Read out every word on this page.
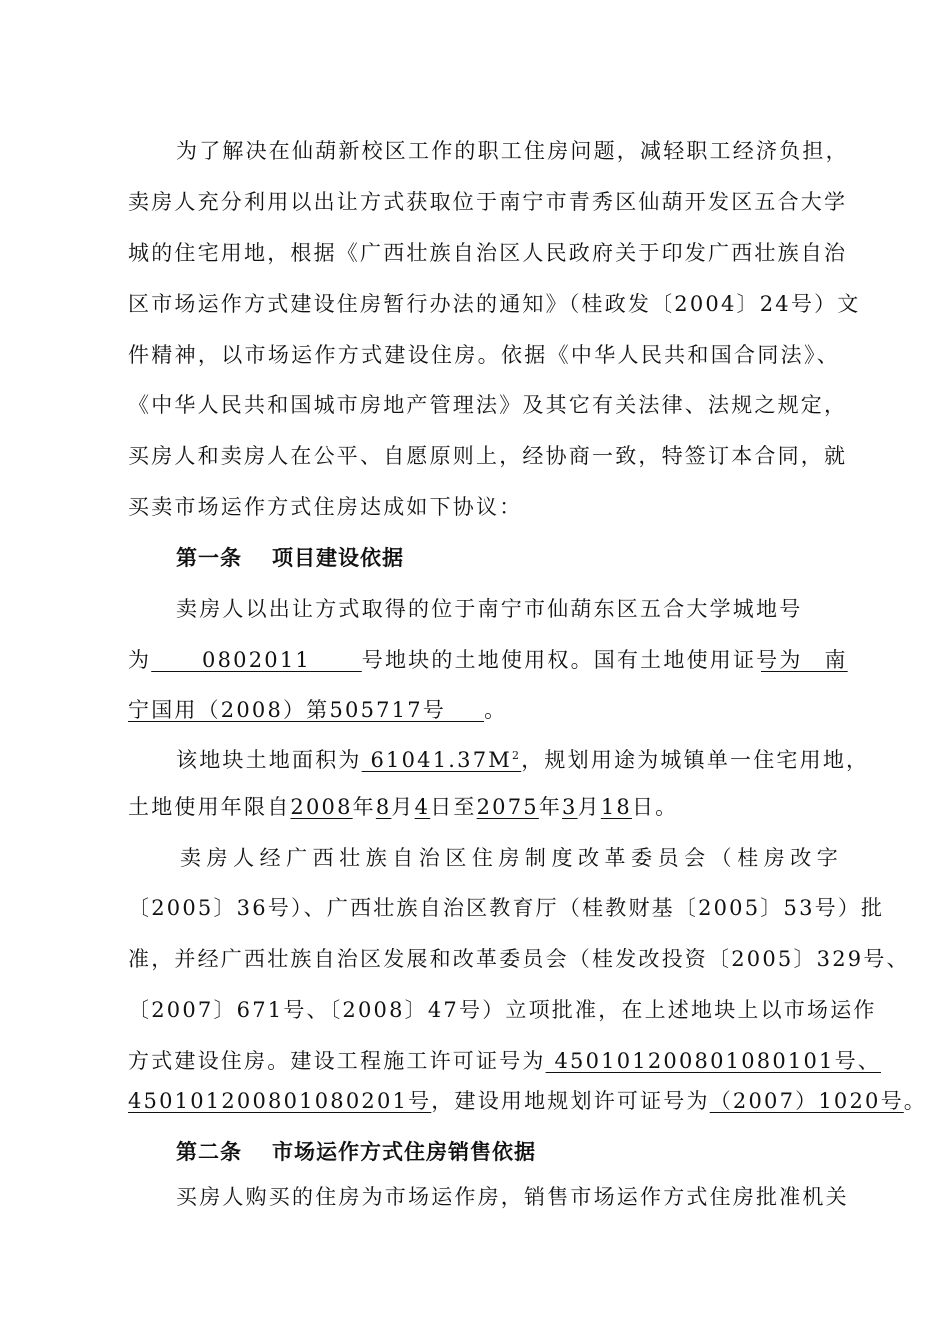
为了解决在仙葫新校区工作的职工住房问题，减轻职工经济负担，
卖房人充分利用以出让方式获取位于南宁市青秀区仙葫开发区五合大学
城的住宅用地，根据《广西壮族自治区人民政府关于印发广西壮族自治
区市场运作方式建设住房暂行办法的通知》（桂政发〔2004〕24号）文
件精神，以市场运作方式建设住房。依据《中华人民共和国合同法》、
《中华人民共和国城市房地产管理法》及其它有关法律、法规之规定，
买房人和卖房人在公平、自愿原则上，经协商一致，特签订本合同，就
买卖市场运作方式住房达成如下协议：
第一条 项目建设依据
卖房人以出让方式取得的位于南宁市仙葫东区五合大学城地号
为     0802011     号地块的土地使用权。国有土地使用证号为
     	南
宁国用（2008）第505717号    。
该地块土地面积为 $61041.37M^2$，规划用途为城镇单一住宅用地，
土地使用年限自2008年8月4日至2075年3月18日。
卖房人经广西壮族自治区住房制度改革委员会（桂房改字
〔2005〕36号）、广西壮族自治区教育厅（桂教财基〔2005〕53号）批
准，并经广西壮族自治区发展和改革委员会（桂发改投资〔2005〕329号、
〔2007〕671号、〔2008〕47号）立项批准，在上述地块上以市场运作
方式建设住房。建设工程施工许可证号为 450101200801080101号、
450101200801080201号，建设用地规划许可证号为（2007）1020号。
第二条 市场运作方式住房销售依据
买房人购买的住房为市场运作房，销售市场运作方式住房批准机关
